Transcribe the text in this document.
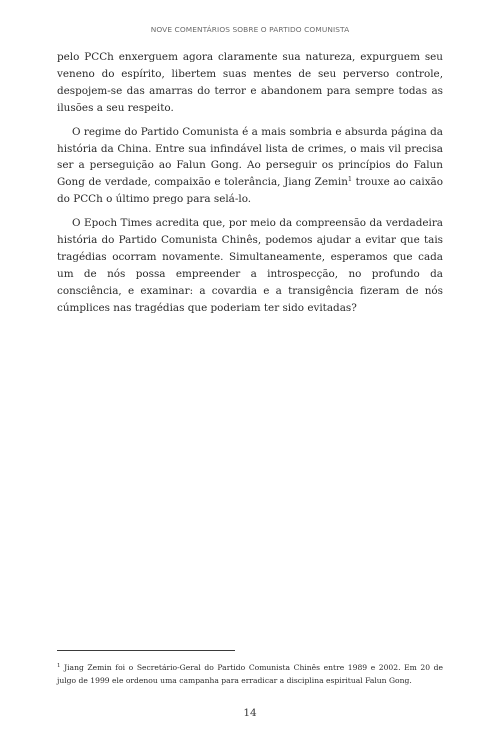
NOVE COMENTÁRIOS SOBRE O PARTIDO COMUNISTA

pelo PCCh enxerguem agora claramente sua natureza, expurguem seu veneno do espírito, libertem suas mentes de seu perverso controle, despojem-se das amarras do terror e abandonem para sempre todas as ilusões a seu respeito.

O regime do Partido Comunista é a mais sombria e absurda página da história da China. Entre sua infindável lista de crimes, o mais vil precisa ser a perseguição ao Falun Gong. Ao perseguir os princípios do Falun Gong de verdade, compaixão e tolerância, Jiang Zemin$^1$ trouxe ao caixão do PCCh o último prego para selá-lo.

O Epoch Times acredita que, por meio da compreensão da verdadeira história do Partido Comunista Chinês, podemos ajudar a evitar que tais tragédias ocorram novamente. Simultaneamente, esperamos que cada um de nós possa empreender a introspecção, no profundo da consciência, e examinar: a covardia e a transigência fizeram de nós cúmplices nas tragédias que poderiam ter sido evitadas?

$^1$ Jiang Zemin foi o Secretário-Geral do Partido Comunista Chinês entre 1989 e 2002. Em 20 de julgo de 1999 ele ordenou uma campanha para erradicar a disciplina espiritual Falun Gong.

14
